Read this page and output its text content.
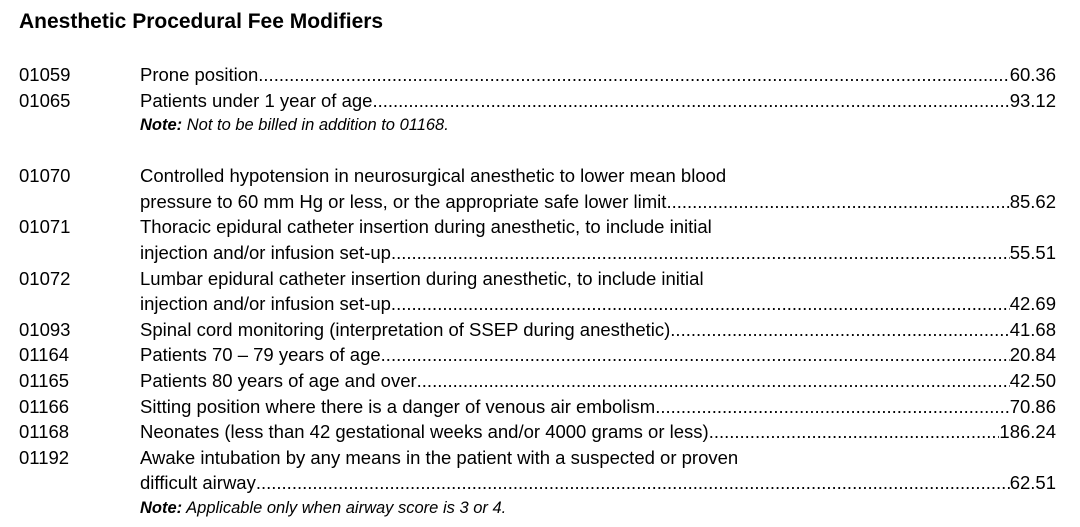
Anesthetic Procedural Fee Modifiers
01059	Prone position .....	60.36
01065	Patients under 1 year of age .....	93.12
Note: Not to be billed in addition to 01168.
01070	Controlled hypotension in neurosurgical anesthetic to lower mean blood
pressure to 60 mm Hg or less, or the appropriate safe lower limit .....	85.62
01071	Thoracic epidural catheter insertion during anesthetic, to include initial
injection and/or infusion set-up .....	55.51
01072	Lumbar epidural catheter insertion during anesthetic, to include initial
injection and/or infusion set-up. .....	42.69
01093	Spinal cord monitoring (interpretation of SSEP during anesthetic) .....	41.68
01164	Patients 70 – 79 years of age .....	20.84
01165	Patients 80 years of age and over .....	42.50
01166	Sitting position where there is a danger of venous air embolism .....	70.86
01168	Neonates (less than 42 gestational weeks and/or 4000 grams or less) .....	186.24
01192	Awake intubation by any means in the patient with a suspected or proven
difficult airway .....	62.51
Note: Applicable only when airway score is 3 or 4.
